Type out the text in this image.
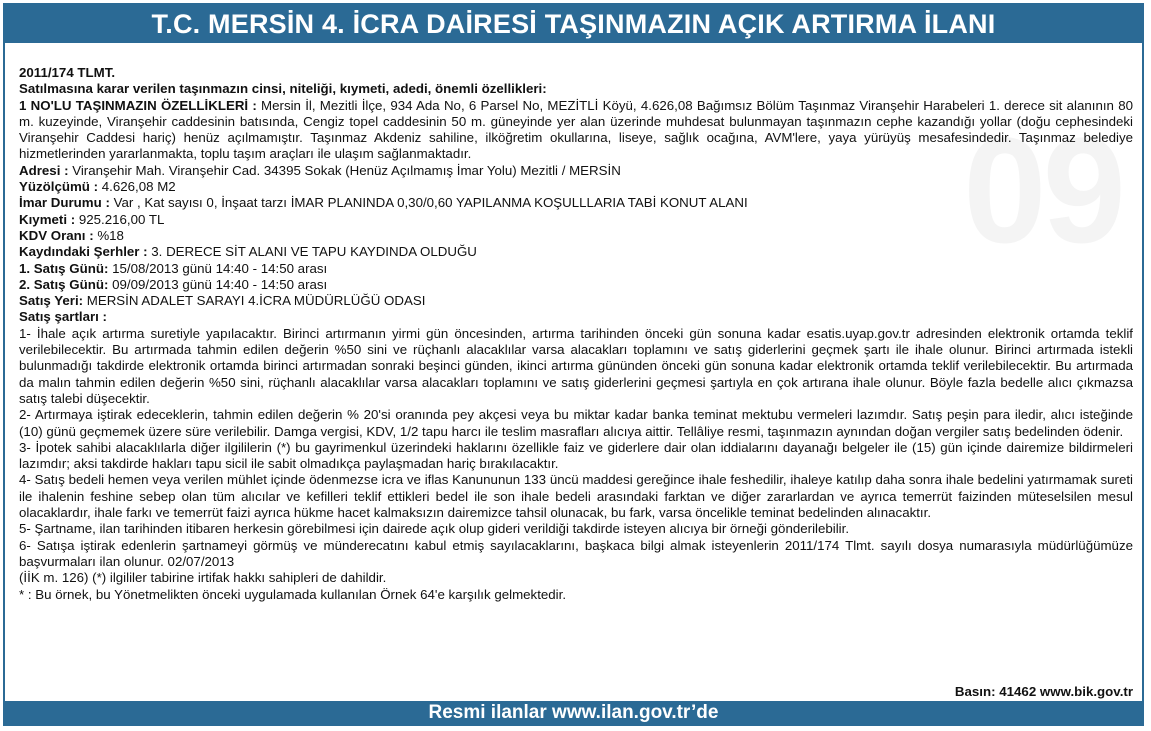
T.C. MERSİN 4. İCRA DAİRESİ TAŞINMAZIN AÇIK ARTIRMA İLANI

2011/174 TLMT.

Satılmasına karar verilen taşınmazın cinsi, niteliği, kıymeti, adedi, önemli özellikleri:

1 NO'LU TAŞINMAZIN ÖZELLİKLERİ : Mersin İl, Mezitli İlçe, 934 Ada No, 6 Parsel No, MEZİTLİ Köyü, 4.626,08 Bağımsız Bölüm Taşınmaz Viranşehir Harabeleri 1. derece sit alanının 80 m. kuzeyinde, Viranşehir caddesinin batısında, Cengiz topel caddesinin 50 m. güneyinde yer alan üzerinde muhdesat bulunmayan taşınmazın cephe kazandığı yollar (doğu cephesindeki Viranşehir Caddesi hariç) henüz açılmamıştır. Taşınmaz Akdeniz sahiline, ilköğretim okullarına, liseye, sağlık ocağına, AVM'lere, yaya yürüyüş mesafesindedir. Taşınmaz belediye hizmetlerinden yararlanmakta, toplu taşım araçları ile ulaşım sağlanmaktadır.

Adresi : Viranşehir Mah. Viranşehir Cad. 34395 Sokak (Henüz Açılmamış İmar Yolu) Mezitli / MERSİN

Yüzölçümü : 4.626,08 M2

İmar Durumu : Var , Kat sayısı 0, İnşaat tarzı İMAR PLANINDA 0,30/0,60 YAPILANMA KOŞULLLARIA TABİ KONUT ALANI

Kıymeti : 925.216,00 TL

KDV Oranı : %18

Kaydındaki Şerhler : 3. DERECE SİT ALANI VE TAPU KAYDINDA OLDUĞU

1. Satış Günü: 15/08/2013 günü 14:40 - 14:50 arası

2. Satış Günü: 09/09/2013 günü 14:40 - 14:50 arası

Satış Yeri: MERSİN ADALET SARAYI 4.İCRA MÜDÜRLÜĞÜ ODASI

Satış şartları :

1- İhale açık artırma suretiyle yapılacaktır. Birinci artırmanın yirmi gün öncesinden, artırma tarihinden önceki gün sonuna kadar esatis.uyap.gov.tr adresinden elektronik ortamda teklif verilebilecektir. Bu artırmada tahmin edilen değerin %50 sini ve rüçhanlı alacaklılar varsa alacakları toplamını ve satış giderlerini geçmek şartı ile ihale olunur. Birinci artırmada istekli bulunmadığı takdirde elektronik ortamda birinci artırmadan sonraki beşinci günden, ikinci artırma gününden önceki gün sonuna kadar elektronik ortamda teklif verilebilecektir. Bu artırmada da malın tahmin edilen değerin %50 sini, rüçhanlı alacaklılar varsa alacakları toplamını ve satış giderlerini geçmesi şartıyla en çok artırana ihale olunur. Böyle fazla bedelle alıcı çıkmazsa satış talebi düşecektir.

2- Artırmaya iştirak edeceklerin, tahmin edilen değerin % 20'si oranında pey akçesi veya bu miktar kadar banka teminat mektubu vermeleri lazımdır. Satış peşin para iledir, alıcı isteğinde (10) günü geçmemek üzere süre verilebilir. Damga vergisi, KDV, 1/2 tapu harcı ile teslim masrafları alıcıya aittir. Tellâliye resmi, taşınmazın aynından doğan vergiler satış bedelinden ödenir.

3- İpotek sahibi alacaklılarla diğer ilgililerin (*) bu gayrimenkul üzerindeki haklarını özellikle faiz ve giderlere dair olan iddialarını dayanağı belgeler ile (15) gün içinde dairemize bildirmeleri lazımdır; aksi takdirde hakları tapu sicil ile sabit olmadıkça paylaşmadan hariç bırakılacaktır.

4- Satış bedeli hemen veya verilen mühlet içinde ödenmezse icra ve iflas Kanununun 133 üncü maddesi gereğince ihale feshedilir, ihaleye katılıp daha sonra ihale bedelini yatırmamak sureti ile ihalenin feshine sebep olan tüm alıcılar ve kefilleri teklif ettikleri bedel ile son ihale bedeli arasındaki farktan ve diğer zararlardan ve ayrıca temerrüt faizinden müteselsilen mesul olacaklardır, ihale farkı ve temerrüt faizi ayrıca hükme hacet kalmaksızın dairemizce tahsil olunacak, bu fark, varsa öncelikle teminat bedelinden alınacaktır.

5- Şartname, ilan tarihinden itibaren herkesin görebilmesi için dairede açık olup gideri verildiği takdirde isteyen alıcıya bir örneği gönderilebilir.

6- Satışa iştirak edenlerin şartnameyi görmüş ve münderecatını kabul etmiş sayılacaklarını, başkaca bilgi almak isteyenlerin 2011/174 Tlmt. sayılı dosya numarasıyla müdürlüğümüze başvurmaları ilan olunur. 02/07/2013

(İİK m. 126) (*) ilgililer tabirine irtifak hakkı sahipleri de dahildir.

* : Bu örnek, bu Yönetmelikten önceki uygulamada kullanılan Örnek 64'e karşılık gelmektedir.

Basın: 41462 www.bik.gov.tr
Resmi ilanlar www.ilan.gov.tr’de
